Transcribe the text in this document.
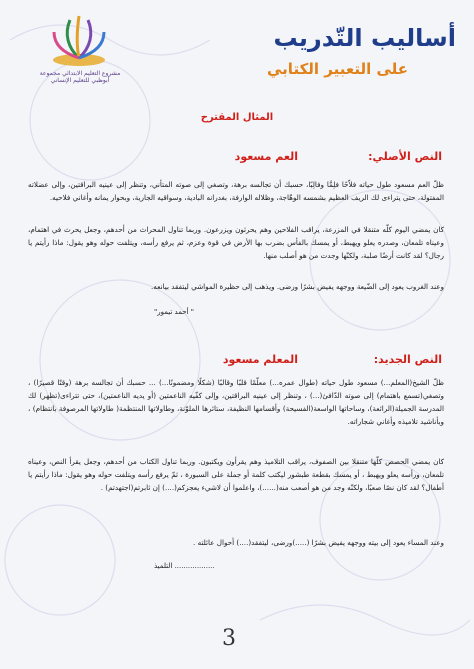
مشروع التعليم الابتدائي مجموعة أبوظبي للتعليم الإنساني
أساليب التّدريب
على التعبير الكتابي
المثال المقترح
النص الأصلي:
العم مسعود
ظلّ العم مسعود طول حياته فلاّحًا فلِمَّا وفالِبًا، حسبك أن تجالسه برهة، وتصغي إلى صوته المتأني، وتنظر إلى عينيه البراقتين، وإلى عضلاته المفتولة، حتى يتراءى لك الريف العظيم بشمسه الوهّاجة، وظلاله الوارفة، بغدرانه البادية، وسواقيه الجارية، وبحوار يمانه وأغاني فلاحيه.
كان يمضي اليوم كلّه متنقلا في المزرعة، يراقب الفلاحين وهم يحرثون ويزرعون. وربما تناول المحراث من أحدهم، وجعل يحرث في اهتمام، وعيناه تلمعان، وصدره يعلو ويهبط، أو يمسك بالفأس بضرب بها الأرض في قوة وعزم، ثم يرفع رأسه، ويتلفت حوله وهو يقول: ماذا رأيتم يا رجال؟ لقد كانت أرضًا صلبة، ولكنّها وجدت من هو أصلب منها.
وعند الغروب يعود إلى الضّيعة ووجهه يفيض بشرًا ورضى. ويذهب إلى حظيرة المواشي ليتفقد بيانعه.
" أحمد تيمور"
النص الجديد:
المعلم مسعود
ظلّ الشيخ(المعلم...) مسعود طول حياته (طوال عمره...) معلّمًا قلبًا وقالبًا (شكلًا ومضمونًا...) ... حسبك أن تجالسه برهة (وقتًا قصيرًا) ، وتصغي(تسمع باهتمام) إلى صوته الدّافئ(...) ، وتنظر إلى عينيه البراقتين، وإلى كفّيه الناعمتين (أو يديه الناعمتين)، حتى تتراءى(تظهر) لك المدرسة الجميلة(الرائعة)، وساحاتها الواسعة(الفسيحة) وأقسامها النظيفة، ستائرها الملوّنة، وطاولاتها المنتظمة( طاولاتها المرصوفة بانتظام) ، وبأناشيد تلاميذه وأغاني شجاراته.
كان يمضي الحصص كلّها متنقلا بين الصفوف، يراقب التلاميذ وهم يقرأون ويكتبون. وربما تناول الكتاب من أحدهم، وجعل يقرأ النص، وعيناه تلمعان، ورأسه يعلو ويهبط ، أو يمسك بقطعة طبشور ليكتب كلمة أو جملة على السبورة ، ثمّ يرفع رأسه ويتلفت حوله وهو يقول: ماذا رأيتم يا أطفال؟ لقد كان نصًا صعبًا، ولكنّه وجد من هو أصعب منه(......)، واعلموا أن لاشيء يعجزكم(....) إن ثابرتم(اجتهدتم) .
وعند المساء يعود إلى بيته ووجهه يفيض بشرًا (.....)ورضى، ليتفقد(....) أحوال عائلته .
.................. التلميذ
3
